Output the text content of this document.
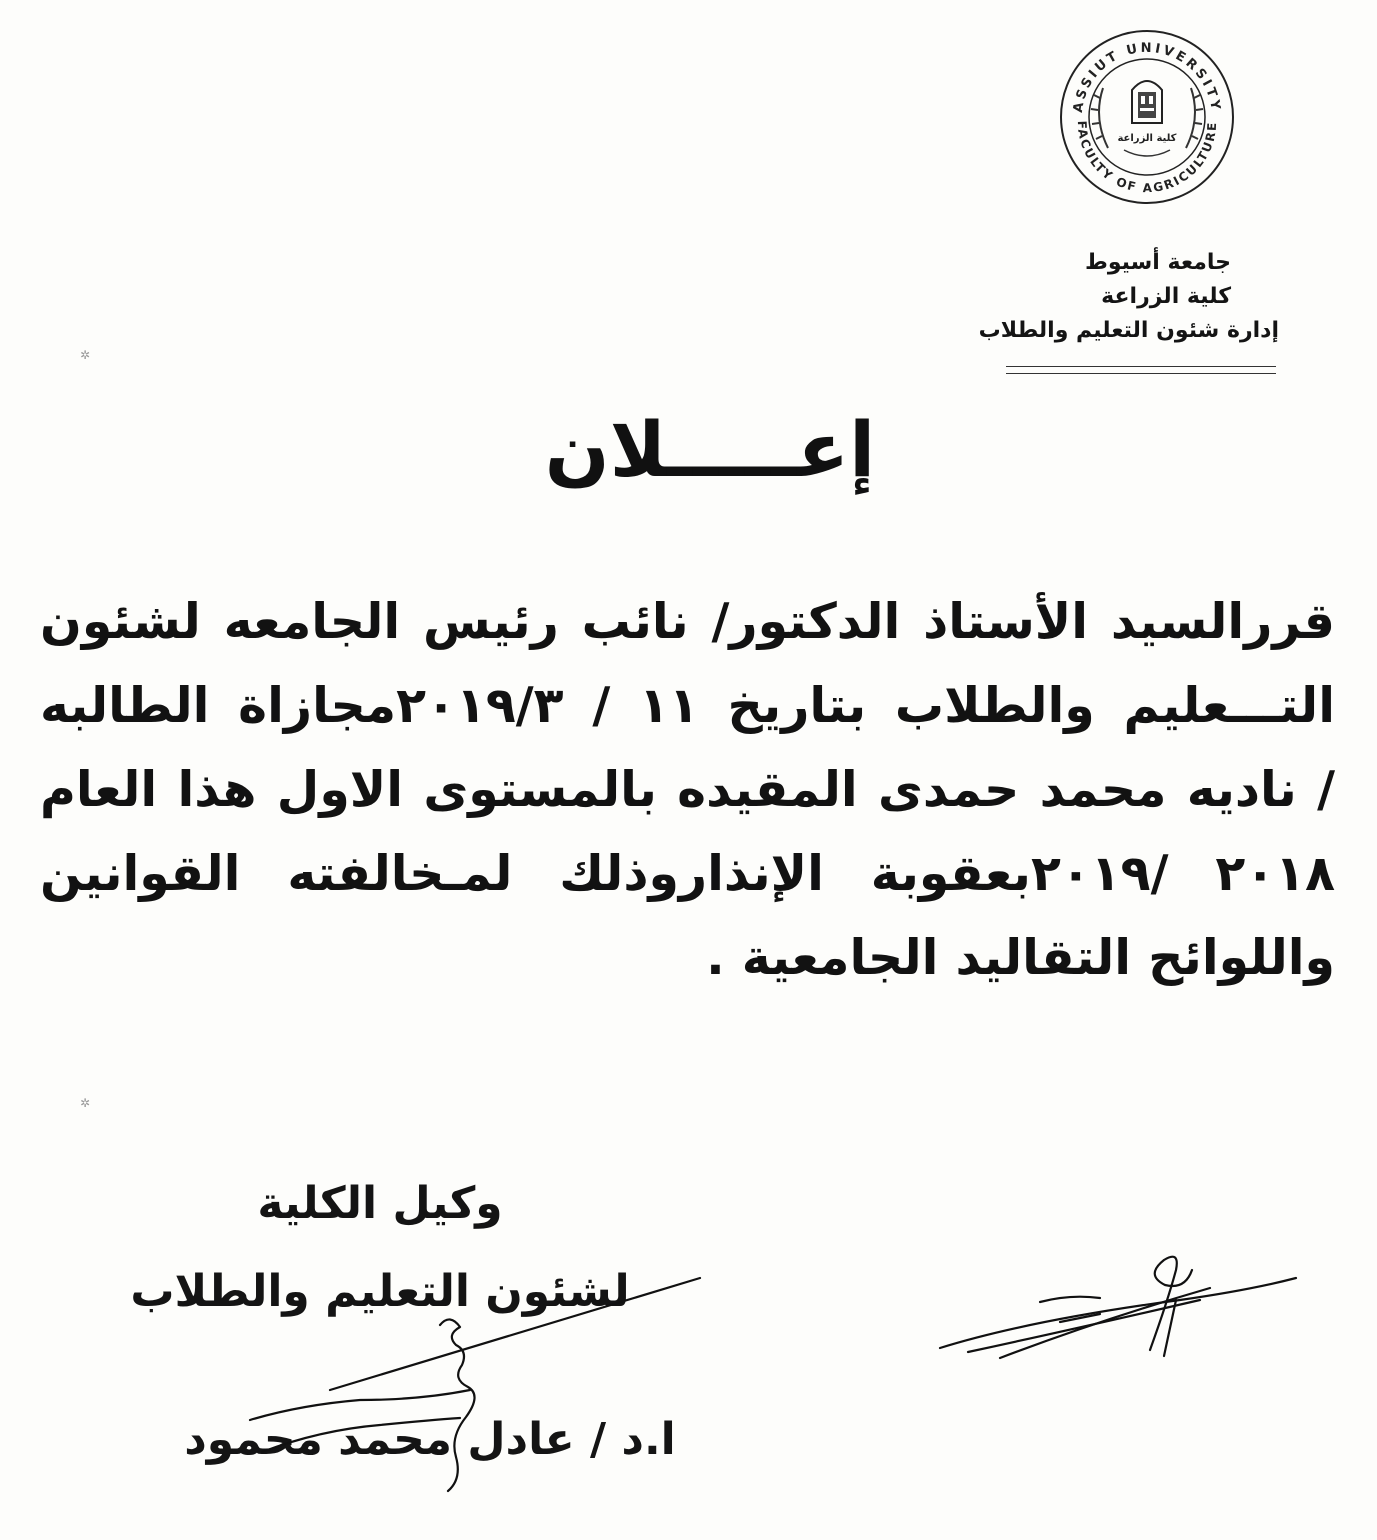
✲
✲
ASSIUT UNIVERSITY
FACULTY OF AGRICULTURE
كلية الزراعة
جامعة أسيوط
كلية الزراعة
إدارة شئون التعليم والطلاب
إعـــــلان
قررالسيد الأستاذ الدكتور/ نائب رئيس الجامعه لشئون
التـــعليم والطلاب بتاريخ ١١ / ٢٠١٩/٣مجازاة الطالبه
/ ناديه محمد حمدى المقيده بالمستوى الاول هذا العام
٢٠١٨ /٢٠١٩بعقوبة الإنذاروذلك لمـخالفته القوانين
واللوائح التقاليد الجامعية .
وكيل الكلية
لشئون التعليم والطلاب
ا.د / عادل محمد محمود
